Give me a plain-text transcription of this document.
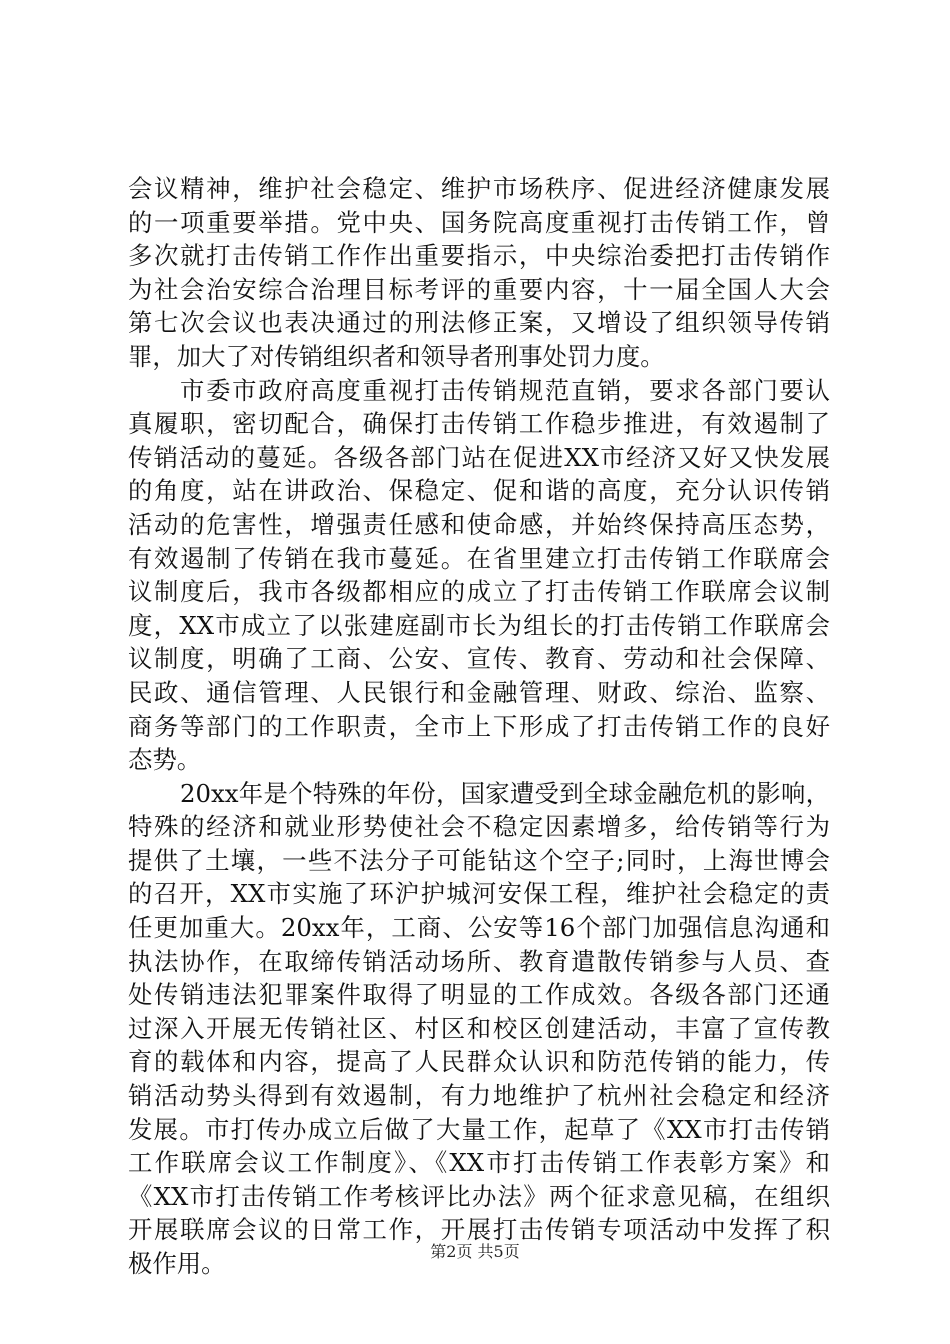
会议精神，维护社会稳定、维护市场秩序、促进经济健康发展
的一项重要举措。党中央、国务院高度重视打击传销工作，曾
多次就打击传销工作作出重要指示，中央综治委把打击传销作
为社会治安综合治理目标考评的重要内容，十一届全国人大会
第七次会议也表决通过的刑法修正案，又增设了组织领导传销
罪，加大了对传销组织者和领导者刑事处罚力度。
市委市政府高度重视打击传销规范直销，要求各部门要认
真履职，密切配合，确保打击传销工作稳步推进，有效遏制了
传销活动的蔓延。各级各部门站在促进XX市经济又好又快发展
的角度，站在讲政治、保稳定、促和谐的高度，充分认识传销
活动的危害性，增强责任感和使命感，并始终保持高压态势，
有效遏制了传销在我市蔓延。在省里建立打击传销工作联席会
议制度后，我市各级都相应的成立了打击传销工作联席会议制
度，XX市成立了以张建庭副市长为组长的打击传销工作联席会
议制度，明确了工商、公安、宣传、教育、劳动和社会保障、
民政、通信管理、人民银行和金融管理、财政、综治、监察、
商务等部门的工作职责，全市上下形成了打击传销工作的良好
态势。
20xx年是个特殊的年份，国家遭受到全球金融危机的影响，
特殊的经济和就业形势使社会不稳定因素增多，给传销等行为
提供了土壤，一些不法分子可能钻这个空子;同时，上海世博会
的召开，XX市实施了环沪护城河安保工程，维护社会稳定的责
任更加重大。20xx年，工商、公安等16个部门加强信息沟通和
执法协作，在取缔传销活动场所、教育遣散传销参与人员、查
处传销违法犯罪案件取得了明显的工作成效。各级各部门还通
过深入开展无传销社区、村区和校区创建活动，丰富了宣传教
育的载体和内容，提高了人民群众认识和防范传销的能力，传
销活动势头得到有效遏制，有力地维护了杭州社会稳定和经济
发展。市打传办成立后做了大量工作，起草了《XX市打击传销
工作联席会议工作制度》、《XX市打击传销工作表彰方案》和
《XX市打击传销工作考核评比办法》两个征求意见稿，在组织
开展联席会议的日常工作，开展打击传销专项活动中发挥了积
极作用。	第2页 共5页
